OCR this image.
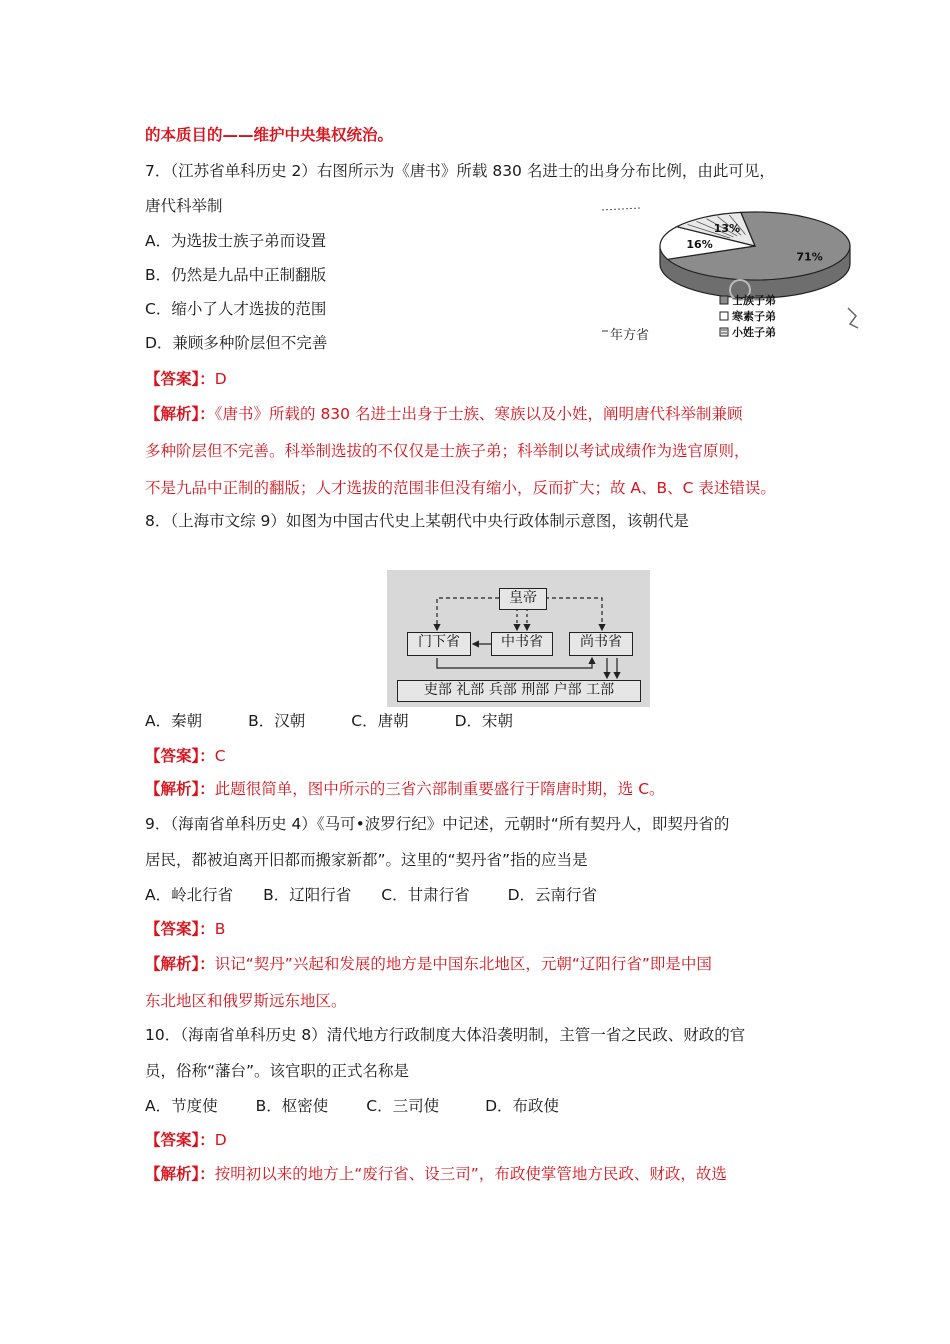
的本质目的——维护中央集权统治。
7．（江苏省单科历史 2）右图所示为《唐书》所载 830 名进士的出身分布比例，由此可见，
唐代科举制
A．为选拔士族子弟而设置
B．仍然是九品中正制翻版
C．缩小了人才选拔的范围
D．兼顾多种阶层但不完善
【答案】：D
【解析】：《唐书》所载的 830 名进士出身于士族、寒族以及小姓，阐明唐代科举制兼顾
多种阶层但不完善。科举制选拔的不仅仅是士族子弟；科举制以考试成绩作为选官原则，
不是九品中正制的翻版；人才选拔的范围非但没有缩小，反而扩大；故 A、B、C 表述错误。
71%
16%
13%
士族子弟
寒素子弟
小姓子弟
年方省
8．（上海市文综 9）如图为中国古代史上某朝代中央行政体制示意图，该朝代是
皇帝
门下省	中书省	尚书省
吏部 礼部 兵部 刑部 户部 工部
A．秦朝	B．汉朝	C．唐朝	D．宋朝
【答案】：C
【解析】：此题很简单，图中所示的三省六部制重要盛行于隋唐时期，选 C。
9．（海南省单科历史 4）《马可•波罗行纪》中记述，元朝时“所有契丹人，即契丹省的
居民，都被迫离开旧都而搬家新都”。这里的“契丹省”指的应当是
A．岭北行省 B．辽阳行省 C．甘肃行省 D．云南行省
【答案】：B
【解析】：识记“契丹”兴起和发展的地方是中国东北地区，元朝“辽阳行省”即是中国
东北地区和俄罗斯远东地区。
10．（海南省单科历史 8）清代地方行政制度大体沿袭明制，主管一省之民政、财政的官
员，俗称“藩台”。该官职的正式名称是
A．节度使 B．枢密使 C．三司使	D．布政使
【答案】：D
【解析】：按明初以来的地方上“废行省、设三司”，布政使掌管地方民政、财政，故选
